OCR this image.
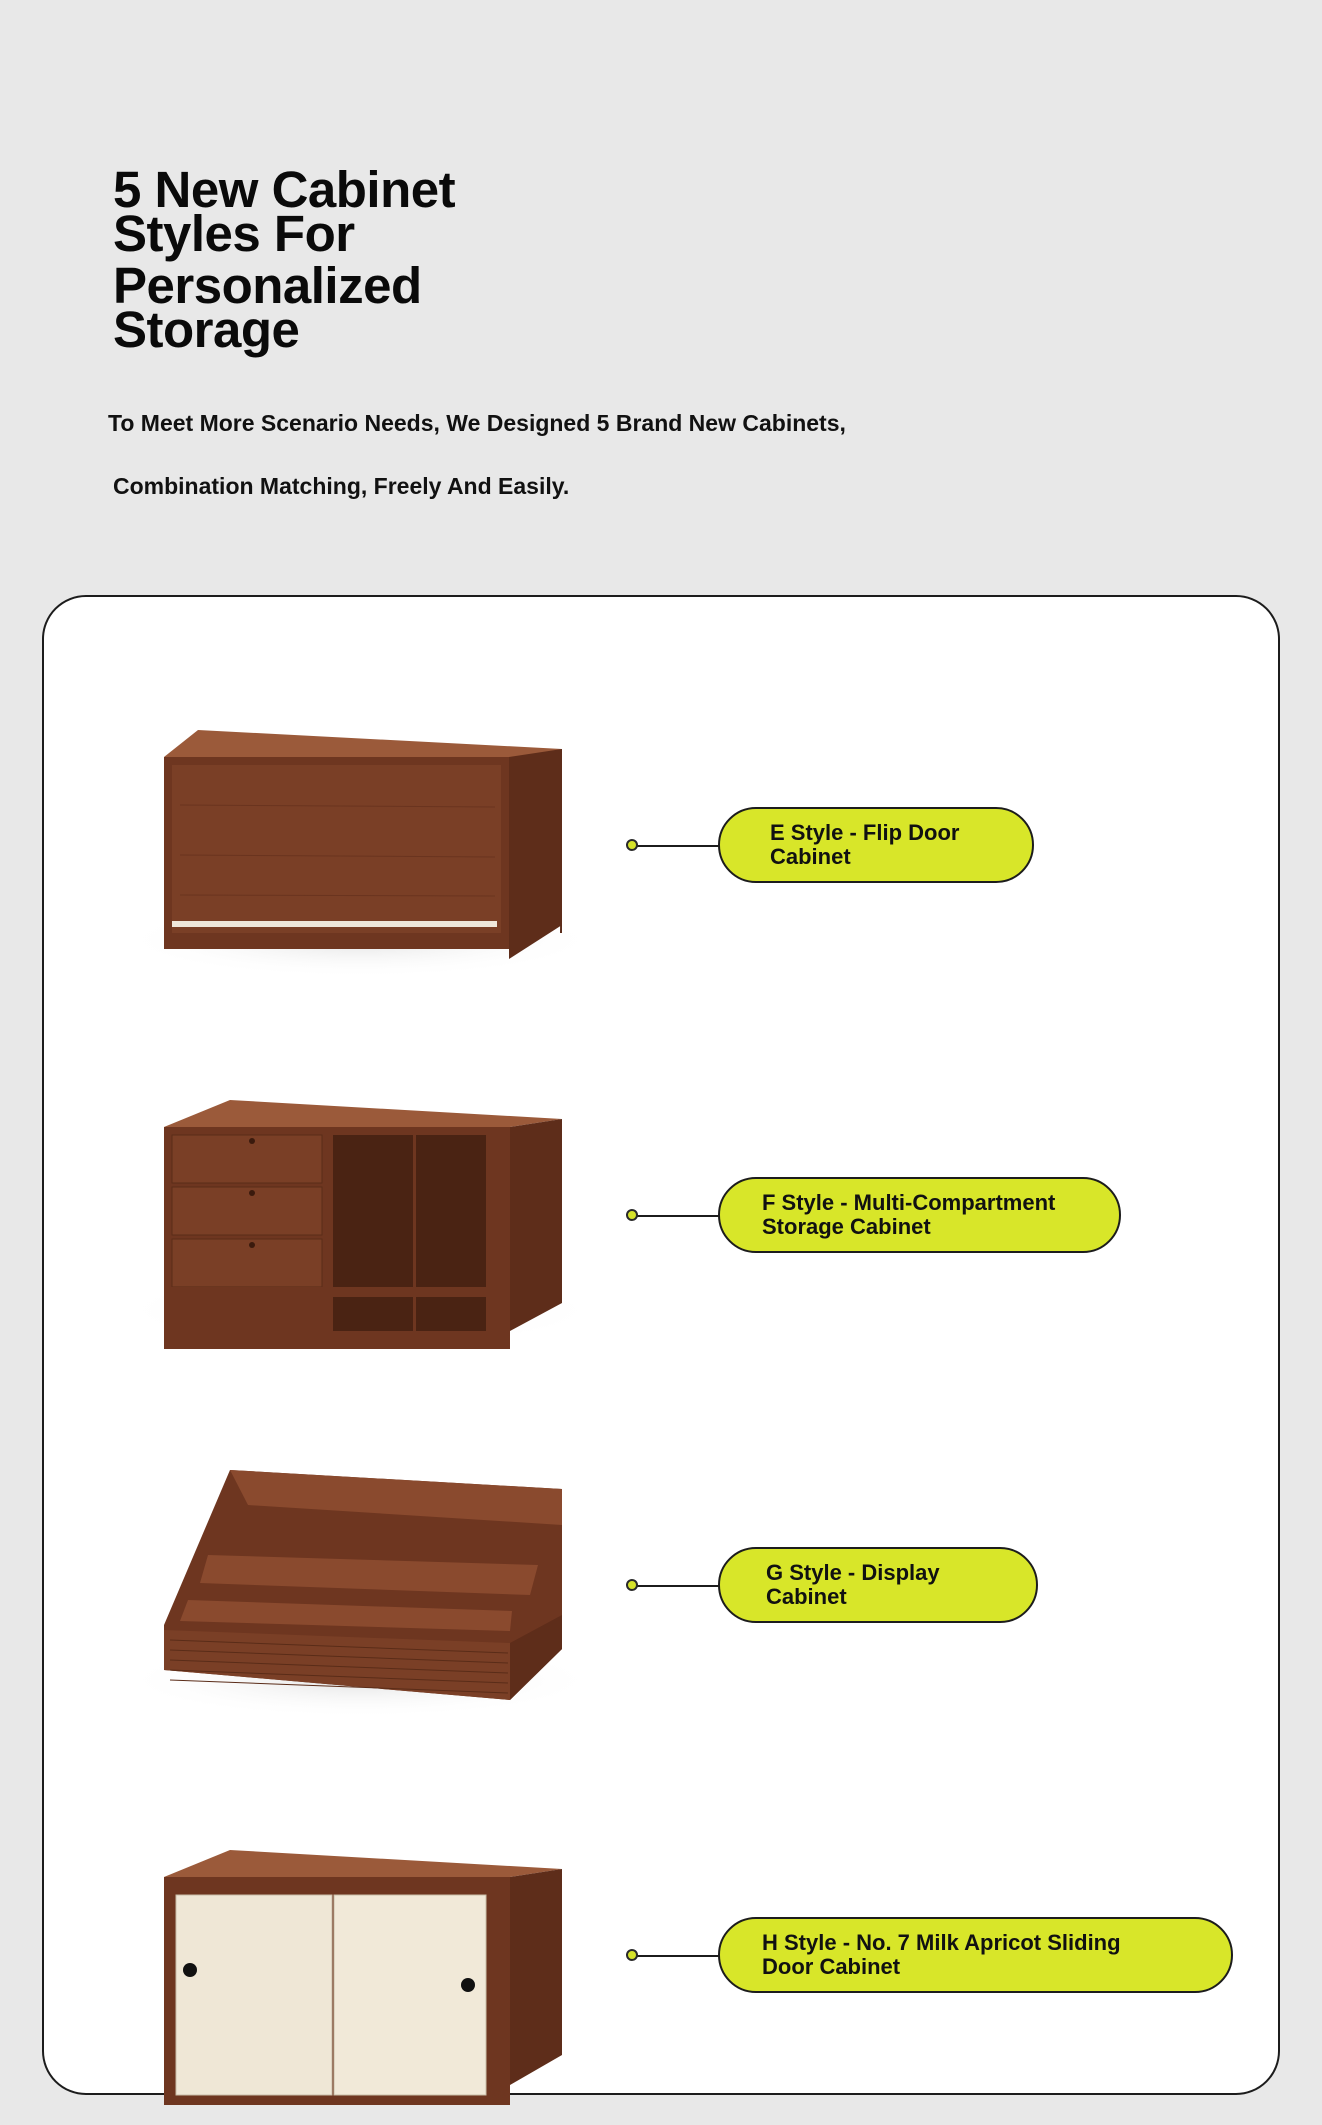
5 New Cabinet
Styles For
Personalized
Storage
To Meet More Scenario Needs, We Designed 5 Brand New Cabinets,
Combination Matching, Freely And Easily.
E Style - Flip Door Cabinet
F Style - Multi-Compartment
Storage Cabinet
G Style - Display Cabinet
H Style - No. 7 Milk Apricot Sliding
Door Cabinet
